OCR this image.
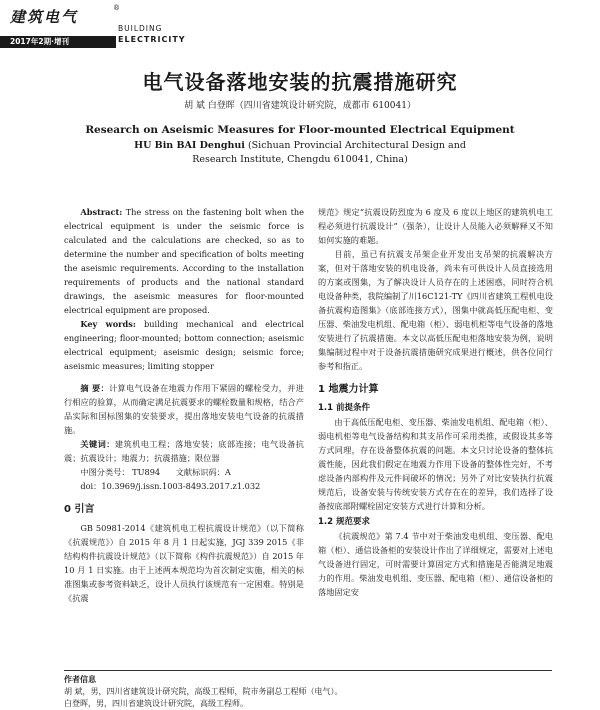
建筑电气	®
2017年2期·增刊
BUILDING
ELECTRICITY
电气设备落地安装的抗震措施研究
胡 斌 白登晖（四川省建筑设计研究院，成都市 610041）
Research on Aseismic Measures for Floor-mounted Electrical Equipment
HU Bin BAI Denghui (Sichuan Provincial Architectural Design and
Research Institute, Chengdu 610041, China)

Abstract: The stress on the fastening bolt when the electrical equipment is under the seismic force is calculated and the calculations are checked, so as to determine the number and specification of bolts meeting the aseismic requirements. According to the installation requirements of products and the national standard drawings, the aseismic measures for floor-mounted electrical equipment are proposed.

Key words: building mechanical and electrical engineering; floor-mounted; bottom connection; aseismic electrical equipment; aseismic design; seismic force; aseismic measures; limiting stopper

摘 要：计算电气设备在地震力作用下紧固的螺栓受力，并进行相应的验算，从而确定满足抗震要求的螺栓数量和规格，结合产品实际和国标图集的安装要求，提出落地安装电气设备的抗震措施。

关键词：建筑机电工程；落地安装；底部连接；电气设备抗震；抗震设计；地震力；抗震措施；限位器

中图分类号： TU894 文献标识码：A

doi：10.3969/j.issn.1003-8493.2017.z1.032

0 引言

GB 50981-2014《建筑机电工程抗震设计规范》（以下简称《抗震规范》）自 2015 年 8 月 1 日起实施，JGJ 339 2015《非结构构件抗震设计规范》（以下简称《构件抗震规范》）自 2015 年 10 月 1 日实施。由于上述两本规范均为首次制定实施，相关的标准图集或参考资料缺乏，设计人员执行该规范有一定困难。特别是《抗震

规范》规定“抗震设防烈度为 6 度及 6 度以上地区的建筑机电工程必须进行抗震设计”（强条），让设计人员能入必须解释又不知如何实施的难题。

目前，虽已有抗震支吊架企业开发出支吊架的抗震解决方案，但对于落地安装的机电设备，尚未有可供设计人员直接选用的方案或图集，为了解决设计人员存在的上述困惑，同时符合机电设备种类，我院编制了川16C121-TY《四川省建筑工程机电设备抗震构造图集》（底部连接方式），图集中就高低压配电柜、变压器、柴油发电机组、配电箱（柜）、弱电机柜等电气设备的落地安装进行了抗震措施。本文以高低压配电柜落地安装为例，说明集编制过程中对于设备抗震措施研究成果进行概述，供各位同行参考和指正。

1 地震力计算
1.1 前提条件

由于高低压配电柜、变压器、柴油发电机组、配电箱（柜）、弱电机柜等电气设备结构和其支吊作可采用类推，或假设其多等方式同理，存在设备整体抗震的问题。本文只讨论设备的整体抗震性能，因此我们假定在地震力作用下设备的整体性完好，不考虑设备内部构件及元件间破坏的情况；另外了对比安装执行抗震规范后，设备安装与传统安装方式存在在的差异，我们选择了设备按底部附螺栓固定安装方式进行计算和分析。

1.2 规范要求

《抗震规范》第 7.4 节中对于柴油发电机组、变压器、配电箱（柜）、通信设备柜的安装设计作出了详细规定，需要对上述电气设备进行固定，可时需要计算固定方式和措施是否能满足地震力的作用。柴油发电机组、变压器、配电箱（柜）、通信设备柜的落地固定安

作者信息
胡 斌，男，四川省建筑设计研究院，高级工程师，院市务副总工程师（电气）。
白登晖，男，四川省建筑设计研究院，高级工程师。
